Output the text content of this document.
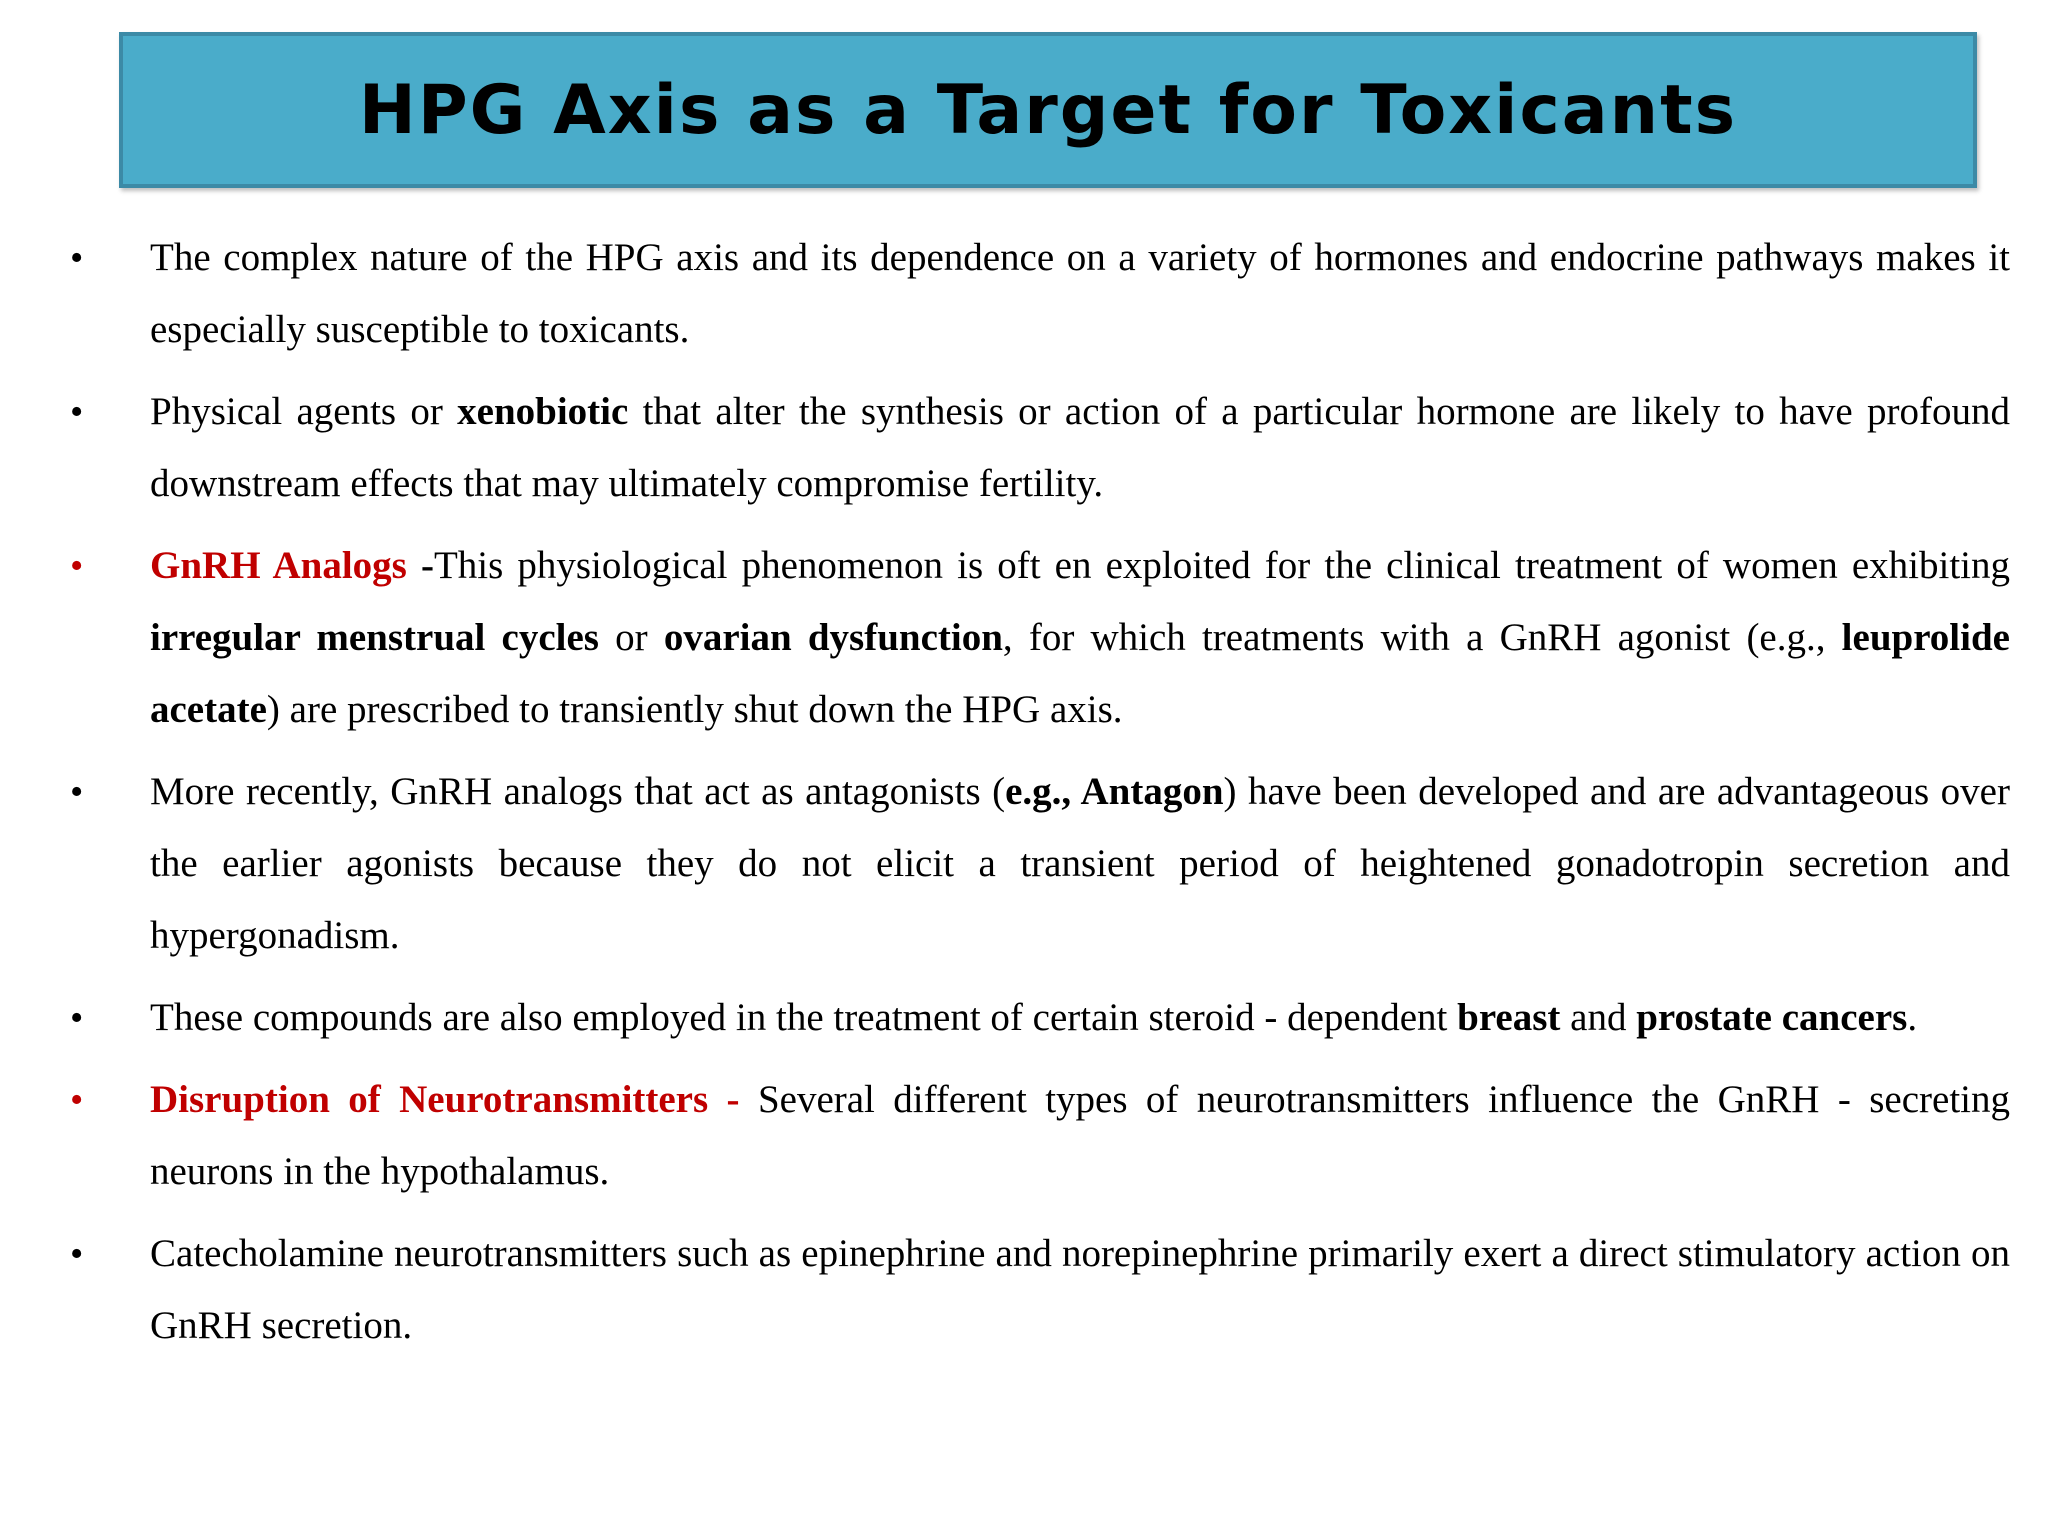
HPG Axis as a Target for Toxicants
•	The complex nature of the HPG axis and its dependence on a variety of hormones and endocrine pathways makes it especially susceptible to toxicants.
•	Physical agents or xenobiotic that alter the synthesis or action of a particular hormone are likely to have profound downstream effects that may ultimately compromise fertility.
•	GnRH Analogs -This physiological phenomenon is oft en exploited for the clinical treatment of women exhibiting irregular menstrual cycles or ovarian dysfunction, for which treatments with a GnRH agonist (e.g., leuprolide acetate) are prescribed to transiently shut down the HPG axis.
•	More recently, GnRH analogs that act as antagonists (e.g., Antagon) have been developed and are advantageous over the earlier agonists because they do not elicit a transient period of heightened gonadotropin secretion and hypergonadism.
•	These compounds are also employed in the treatment of certain steroid - dependent breast and prostate cancers.
•	Disruption of Neurotransmitters - Several different types of neurotransmitters influence the GnRH - secreting neurons in the hypothalamus.
•	Catecholamine neurotransmitters such as epinephrine and norepinephrine primarily exert a direct stimulatory action on GnRH secretion.
